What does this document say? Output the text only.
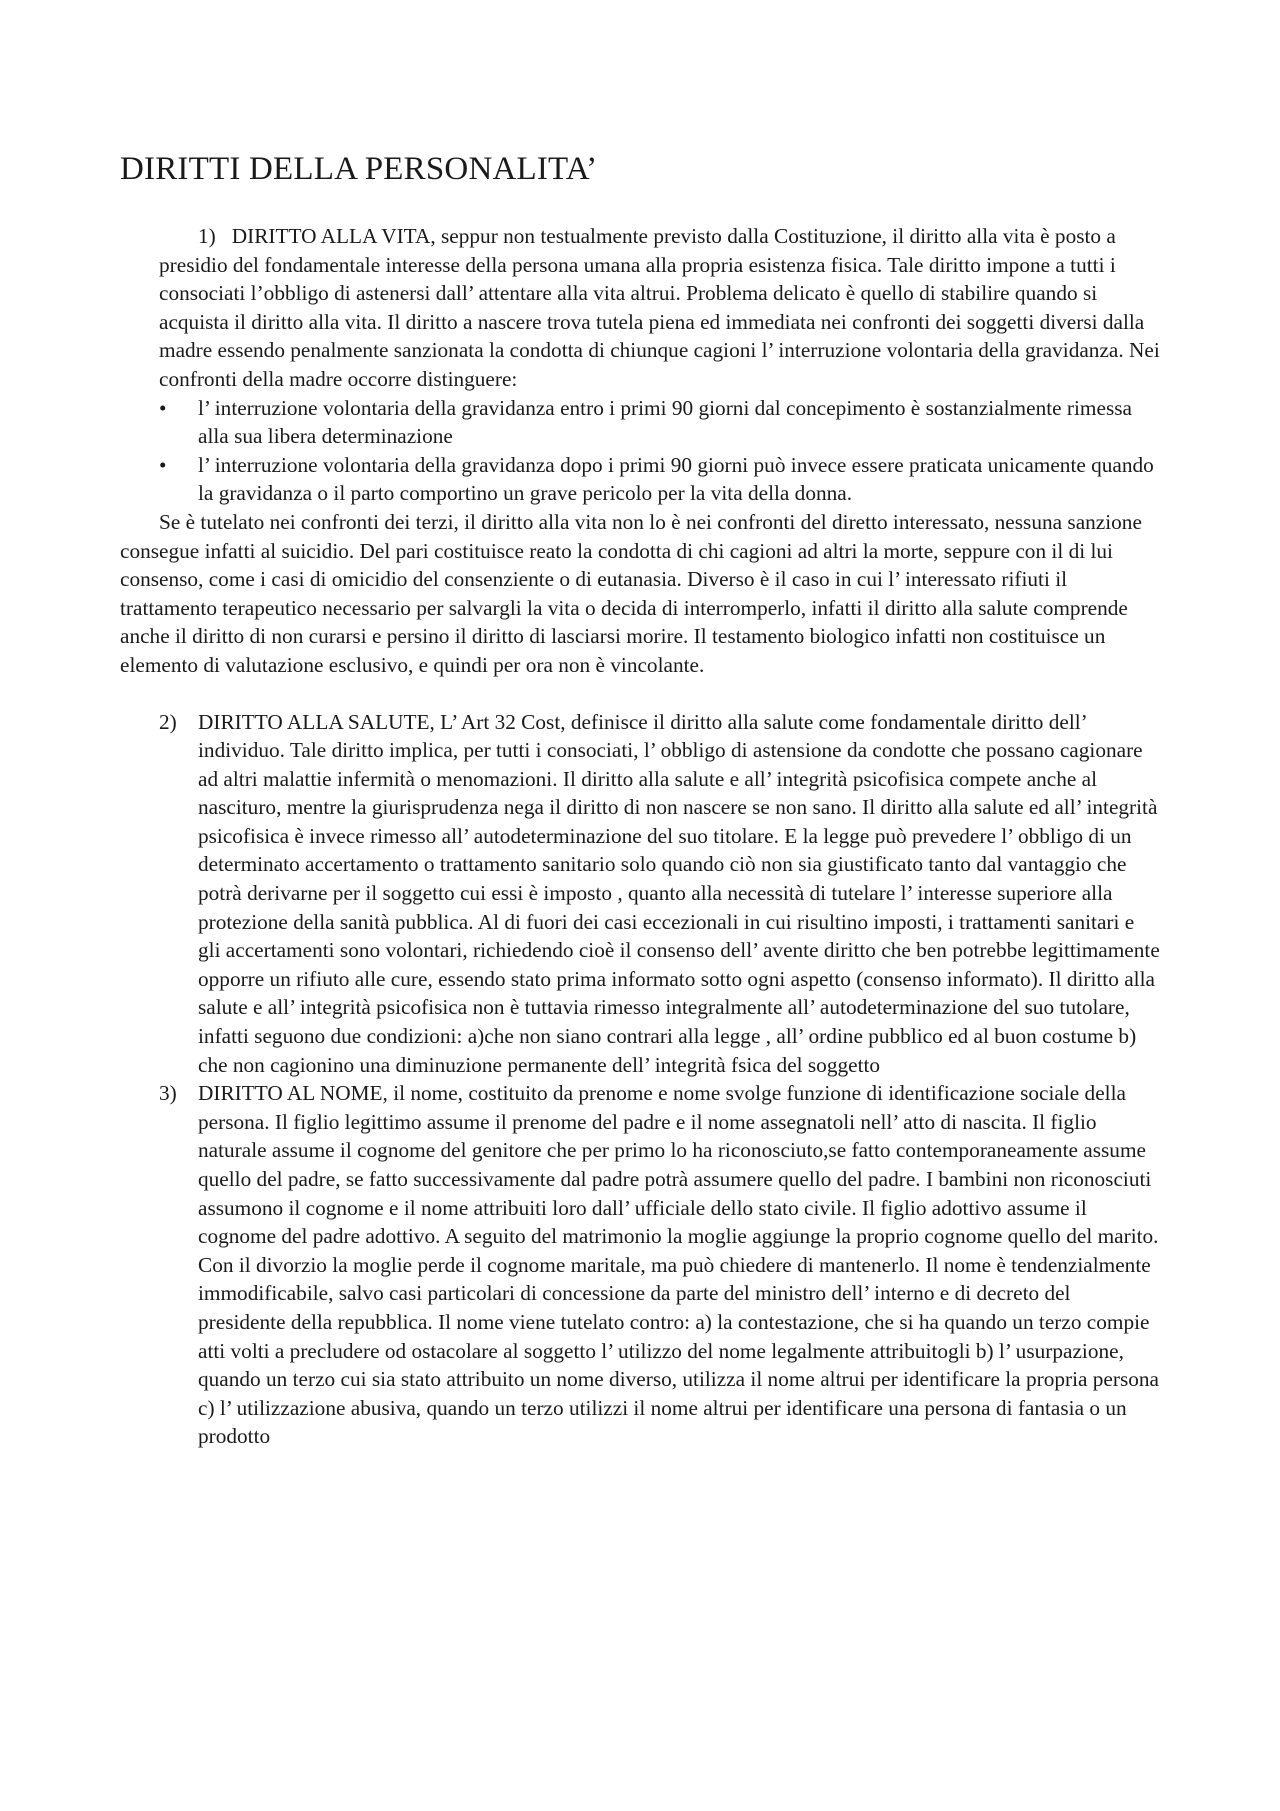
DIRITTI DELLA PERSONALITA’
1) DIRITTO ALLA VITA, seppur non testualmente previsto dalla Costituzione, il diritto alla vita è posto a presidio del fondamentale interesse della persona umana alla propria esistenza fisica. Tale diritto impone a tutti i consociati l’obbligo di astenersi dall’ attentare alla vita altrui. Problema delicato è quello di stabilire quando si acquista il diritto alla vita. Il diritto a nascere trova tutela piena ed immediata nei confronti dei soggetti diversi dalla madre essendo penalmente sanzionata la condotta di chiunque cagioni l’ interruzione volontaria della gravidanza. Nei confronti della madre occorre distinguere:
• l’ interruzione volontaria della gravidanza entro i primi 90 giorni dal concepimento è sostanzialmente rimessa alla sua libera determinazione
• l’ interruzione volontaria della gravidanza dopo i primi 90 giorni può invece essere praticata unicamente quando la gravidanza o il parto comportino un grave pericolo per la vita della donna.
Se è tutelato nei confronti dei terzi, il diritto alla vita non lo è nei confronti del diretto interessato, nessuna sanzione consegue infatti al suicidio. Del pari costituisce reato la condotta di chi cagioni ad altri la morte, seppure con il di lui consenso, come i casi di omicidio del consenziente o di eutanasia. Diverso è il caso in cui l’ interessato rifiuti il trattamento terapeutico necessario per salvargli la vita o decida di interromperlo, infatti il diritto alla salute comprende anche il diritto di non curarsi e persino il diritto di lasciarsi morire. Il testamento biologico infatti non costituisce un elemento di valutazione esclusivo, e quindi per ora non è vincolante.
2) DIRITTO ALLA SALUTE, L’ Art 32 Cost, definisce il diritto alla salute come fondamentale diritto dell’ individuo. Tale diritto implica, per tutti i consociati, l’ obbligo di astensione da condotte che possano cagionare ad altri malattie infermità o menomazioni. Il diritto alla salute e all’ integrità psicofisica compete anche al nascituro, mentre la giurisprudenza nega il diritto di non nascere se non sano. Il diritto alla salute ed all’ integrità psicofisica è invece rimesso all’ autodeterminazione del suo titolare. E la legge può prevedere l’ obbligo di un determinato accertamento o trattamento sanitario solo quando ciò non sia giustificato tanto dal vantaggio che potrà derivarne per il soggetto cui essi è imposto , quanto alla necessità di tutelare l’ interesse superiore alla protezione della sanità pubblica. Al di fuori dei casi eccezionali in cui risultino imposti, i trattamenti sanitari e gli accertamenti sono volontari, richiedendo cioè il consenso dell’ avente diritto che ben potrebbe legittimamente opporre un rifiuto alle cure, essendo stato prima informato sotto ogni aspetto (consenso informato). Il diritto alla salute e all’ integrità psicofisica non è tuttavia rimesso integralmente all’ autodeterminazione del suo tutolare, infatti seguono due condizioni: a)che non siano contrari alla legge , all’ ordine pubblico ed al buon costume b) che non cagionino una diminuzione permanente dell’ integrità fsica del soggetto
3) DIRITTO AL NOME, il nome, costituito da prenome e nome svolge funzione di identificazione sociale della persona. Il figlio legittimo assume il prenome del padre e il nome assegnatoli nell’ atto di nascita. Il figlio naturale assume il cognome del genitore che per primo lo ha riconosciuto,se fatto contemporaneamente assume quello del padre, se fatto successivamente dal padre potrà assumere quello del padre. I bambini non riconosciuti assumono il cognome e il nome attribuiti loro dall’ ufficiale dello stato civile. Il figlio adottivo assume il cognome del padre adottivo. A seguito del matrimonio la moglie aggiunge la proprio cognome quello del marito. Con il divorzio la moglie perde il cognome maritale, ma può chiedere di mantenerlo. Il nome è tendenzialmente immodificabile, salvo casi particolari di concessione da parte del ministro dell’ interno e di decreto del presidente della repubblica. Il nome viene tutelato contro: a) la contestazione, che si ha quando un terzo compie atti volti a precludere od ostacolare al soggetto l’ utilizzo del nome legalmente attribuitogli b) l’ usurpazione, quando un terzo cui sia stato attribuito un nome diverso, utilizza il nome altrui per identificare la propria persona c) l’ utilizzazione abusiva, quando un terzo utilizzi il nome altrui per identificare una persona di fantasia o un prodotto
